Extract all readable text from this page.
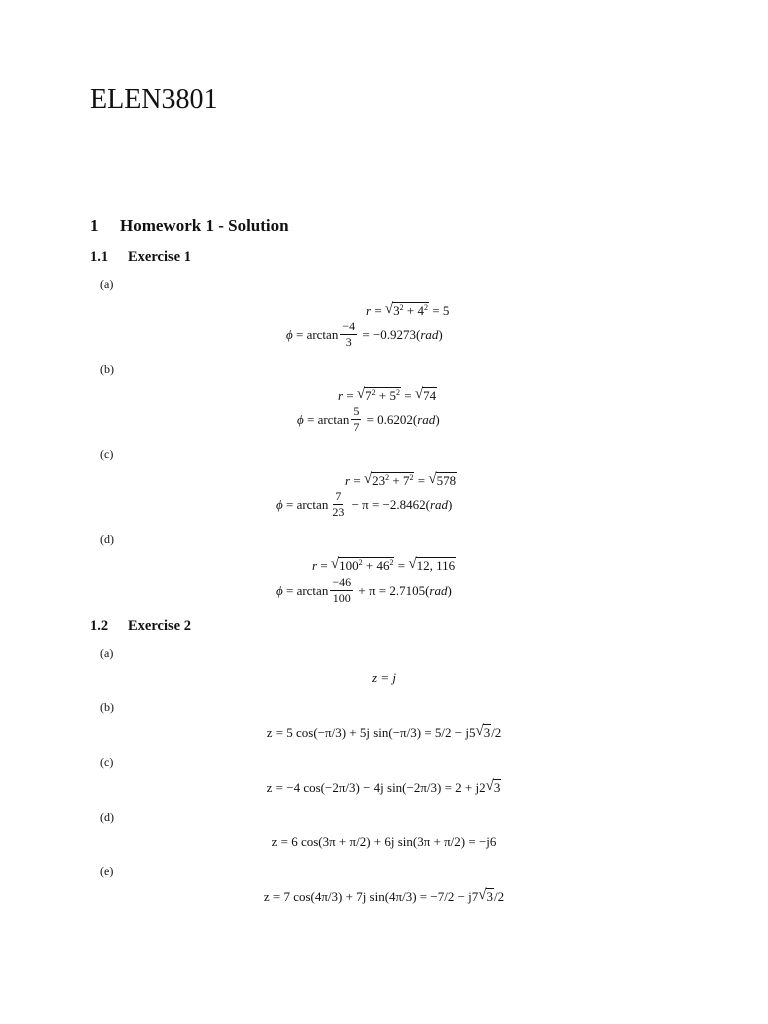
ELEN3801
1 Homework 1 - Solution
1.1 Exercise 1
(a)
r = √ $3^2 + 4^2 = 5$
$\phi = \arctan \frac{-4}{3}$
= −0.9273( rad )
(b)
r = √ $7^2 + 5^2$ = √ 74
$\phi = \arctan \frac{5}{7}$
= 0.6202( rad )
(c)
r = √ $23^2 + 7^2$ = √ 578
$\phi = \arctan \frac{7}{23}$
− π = −2.8462( rad )
(d)
r = √ $100^2 + 46^2$ = √ 12, 116
$\phi = \arctan \frac{-46}{100}$
+ π = 2.7105( rad )
1.2 Exercise 2
(a)
z = j
(b)
z = 5 cos(−π/3) + 5j sin(−π/3) = 5/2 − j5 √ 3 /2
(c)
z = −4 cos(−2π/3) − 4j sin(−2π/3) = 2 + j2 √ 3
(d)
z = 6 cos(3π + π/2) + 6j sin(3π + π/2) = −j6
(e)
z = 7 cos(4π/3) + 7j sin(4π/3) = −7/2 − j7 √ 3 /2
